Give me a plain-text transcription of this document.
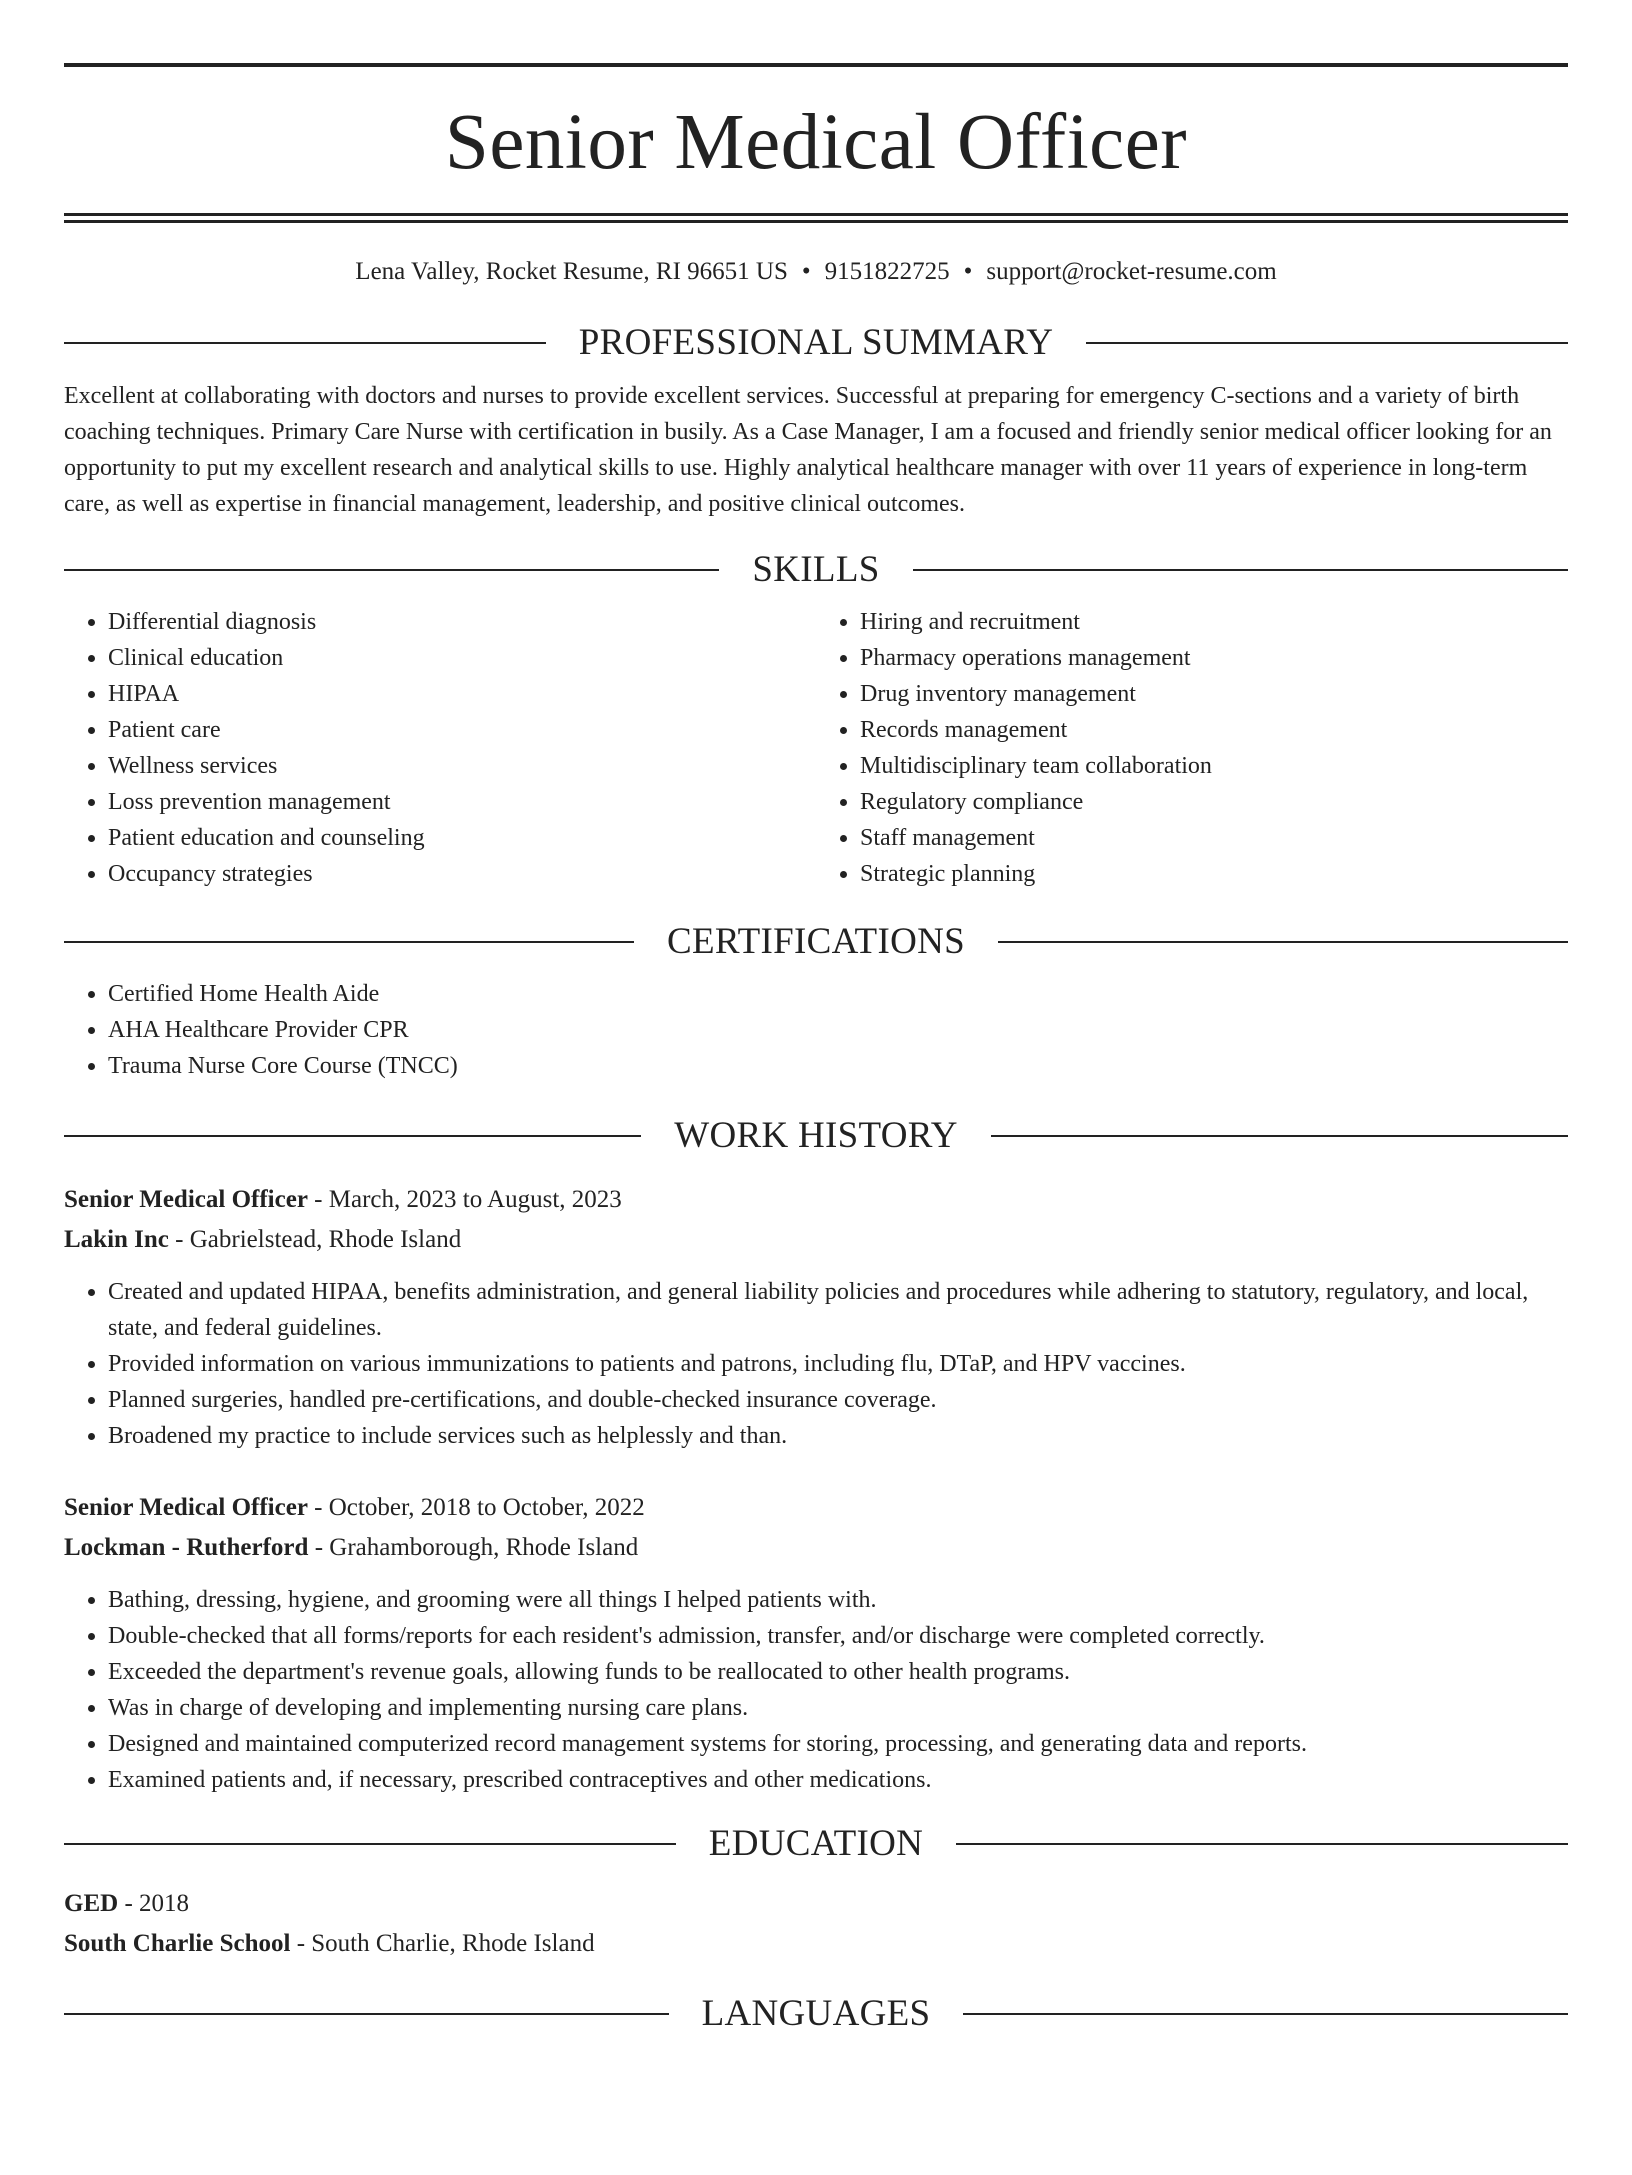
Senior Medical Officer
Lena Valley, Rocket Resume, RI 96651 US • 9151822725 • support@rocket-resume.com
PROFESSIONAL SUMMARY
Excellent at collaborating with doctors and nurses to provide excellent services. Successful at preparing for emergency C-sections and a variety of birth coaching techniques. Primary Care Nurse with certification in busily. As a Case Manager, I am a focused and friendly senior medical officer looking for an opportunity to put my excellent research and analytical skills to use. Highly analytical healthcare manager with over 11 years of experience in long-term care, as well as expertise in financial management, leadership, and positive clinical outcomes.
SKILLS
• Differential diagnosis
• Clinical education
• HIPAA
• Patient care
• Wellness services
• Loss prevention management
• Patient education and counseling
• Occupancy strategies
• Hiring and recruitment
• Pharmacy operations management
• Drug inventory management
• Records management
• Multidisciplinary team collaboration
• Regulatory compliance
• Staff management
• Strategic planning
CERTIFICATIONS
• Certified Home Health Aide
• AHA Healthcare Provider CPR
• Trauma Nurse Core Course (TNCC)
WORK HISTORY
Senior Medical Officer - March, 2023 to August, 2023
Lakin Inc - Gabrielstead, Rhode Island
• Created and updated HIPAA, benefits administration, and general liability policies and procedures while adhering to statutory, regulatory, and local, state, and federal guidelines.
• Provided information on various immunizations to patients and patrons, including flu, DTaP, and HPV vaccines.
• Planned surgeries, handled pre-certifications, and double-checked insurance coverage.
• Broadened my practice to include services such as helplessly and than.
Senior Medical Officer - October, 2018 to October, 2022
Lockman - Rutherford - Grahamborough, Rhode Island
• Bathing, dressing, hygiene, and grooming were all things I helped patients with.
• Double-checked that all forms/reports for each resident's admission, transfer, and/or discharge were completed correctly.
• Exceeded the department's revenue goals, allowing funds to be reallocated to other health programs.
• Was in charge of developing and implementing nursing care plans.
• Designed and maintained computerized record management systems for storing, processing, and generating data and reports.
• Examined patients and, if necessary, prescribed contraceptives and other medications.
EDUCATION
GED - 2018
South Charlie School - South Charlie, Rhode Island
LANGUAGES
